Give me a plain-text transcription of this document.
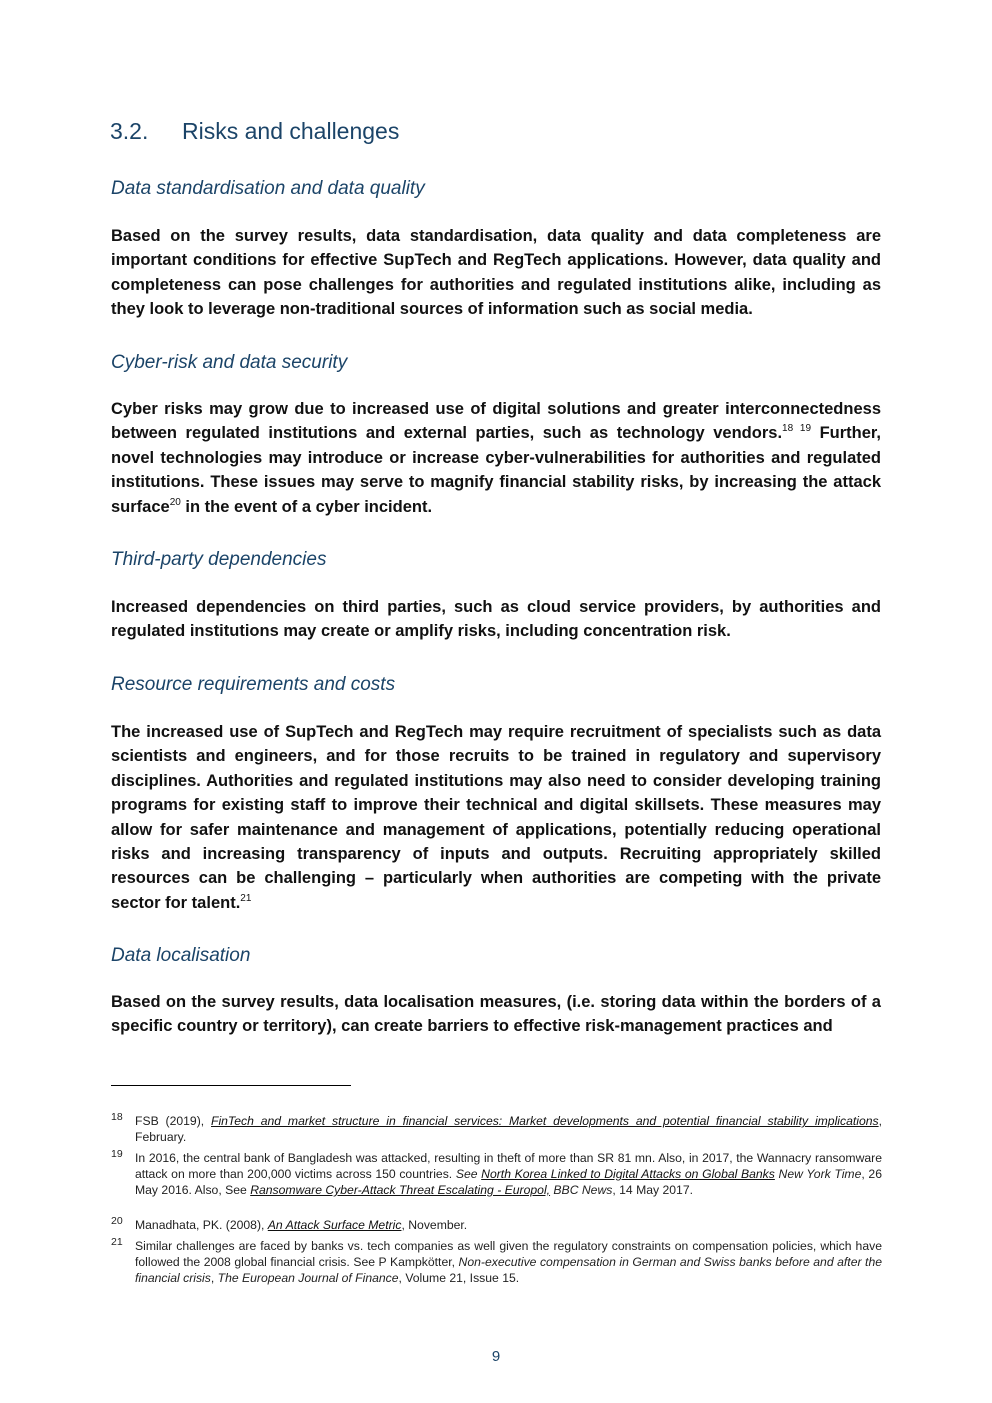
3.2. Risks and challenges
Data standardisation and data quality

Based on the survey results, data standardisation, data quality and data completeness are important conditions for effective SupTech and RegTech applications. However, data quality and completeness can pose challenges for authorities and regulated institutions alike, including as they look to leverage non-traditional sources of information such as social media.

Cyber-risk and data security

Cyber risks may grow due to increased use of digital solutions and greater interconnectedness between regulated institutions and external parties, such as technology vendors.$^{18}$ $^{19}$ Further, novel technologies may introduce or increase cyber-vulnerabilities for authorities and regulated institutions. These issues may serve to magnify financial stability risks, by increasing the attack surface$^{20}$ in the event of a cyber incident.

Third-party dependencies

Increased dependencies on third parties, such as cloud service providers, by authorities and regulated institutions may create or amplify risks, including concentration risk.

Resource requirements and costs

The increased use of SupTech and RegTech may require recruitment of specialists such as data scientists and engineers, and for those recruits to be trained in regulatory and supervisory disciplines. Authorities and regulated institutions may also need to consider developing training programs for existing staff to improve their technical and digital skillsets. These measures may allow for safer maintenance and management of applications, potentially reducing operational risks and increasing transparency of inputs and outputs. Recruiting appropriately skilled resources can be challenging – particularly when authorities are competing with the private sector for talent.$^{21}$

Data localisation

Based on the survey results, data localisation measures, (i.e. storing data within the borders of a specific country or territory), can create barriers to effective risk-management practices and

18 FSB (2019), FinTech and market structure in financial services: Market developments and potential financial stability implications, February.
19 In 2016, the central bank of Bangladesh was attacked, resulting in theft of more than SR 81 mn. Also, in 2017, the Wannacry ransomware attack on more than 200,000 victims across 150 countries. See North Korea Linked to Digital Attacks on Global Banks New York Time, 26 May 2016. Also, See Ransomware Cyber-Attack Threat Escalating - Europol, BBC News, 14 May 2017.
20 Manadhata, PK. (2008), An Attack Surface Metric, November.
21 Similar challenges are faced by banks vs. tech companies as well given the regulatory constraints on compensation policies, which have followed the 2008 global financial crisis. See P Kampkötter, Non-executive compensation in German and Swiss banks before and after the financial crisis, The European Journal of Finance, Volume 21, Issue 15.
9
